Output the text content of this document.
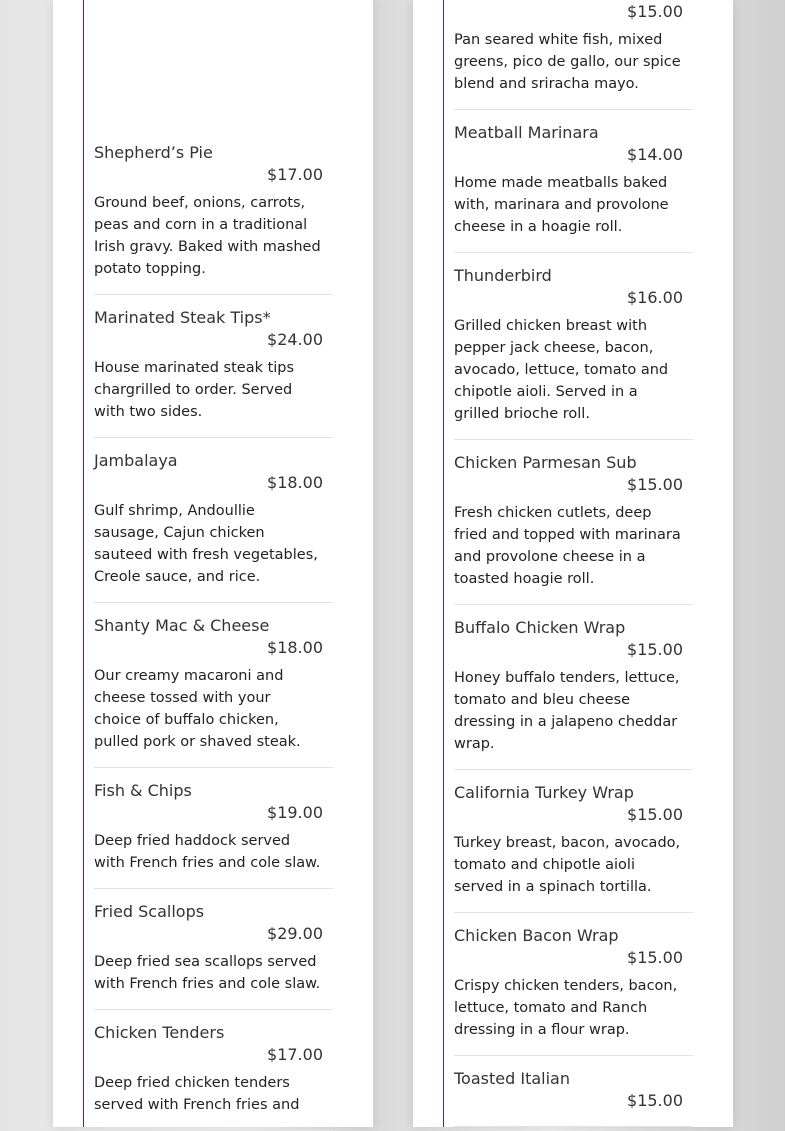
Shepherd’s Pie
$17.00
Ground beef, onions, carrots, peas and corn in a traditional Irish gravy. Baked with mashed potato topping.
Marinated Steak Tips*
$24.00
House marinated steak tips chargrilled to order. Served with two sides.
Jambalaya
$18.00
Gulf shrimp, Andoullie sausage, Cajun chicken sauteed with fresh vegetables, Creole sauce, and rice.
Shanty Mac & Cheese
$18.00
Our creamy macaroni and cheese tossed with your choice of buffalo chicken, pulled pork or shaved steak.
Fish & Chips
$19.00
Deep fried haddock served with French fries and cole slaw.
Fried Scallops
$29.00
Deep fried sea scallops served with French fries and cole slaw.
Chicken Tenders
$17.00
Deep fried chicken tenders served with French fries and
$15.00
Pan seared white fish, mixed greens, pico de gallo, our spice blend and sriracha mayo.
Meatball Marinara
$14.00
Home made meatballs baked with, marinara and provolone cheese in a hoagie roll.
Thunderbird
$16.00
Grilled chicken breast with pepper jack cheese, bacon, avocado, lettuce, tomato and chipotle aioli. Served in a grilled brioche roll.
Chicken Parmesan Sub
$15.00
Fresh chicken cutlets, deep fried and topped with marinara and provolone cheese in a toasted hoagie roll.
Buffalo Chicken Wrap
$15.00
Honey buffalo tenders, lettuce, tomato and bleu cheese dressing in a jalapeno cheddar wrap.
California Turkey Wrap
$15.00
Turkey breast, bacon, avocado, tomato and chipotle aioli served in a spinach tortilla.
Chicken Bacon Wrap
$15.00
Crispy chicken tenders, bacon, lettuce, tomato and Ranch dressing in a flour wrap.
Toasted Italian
$15.00
